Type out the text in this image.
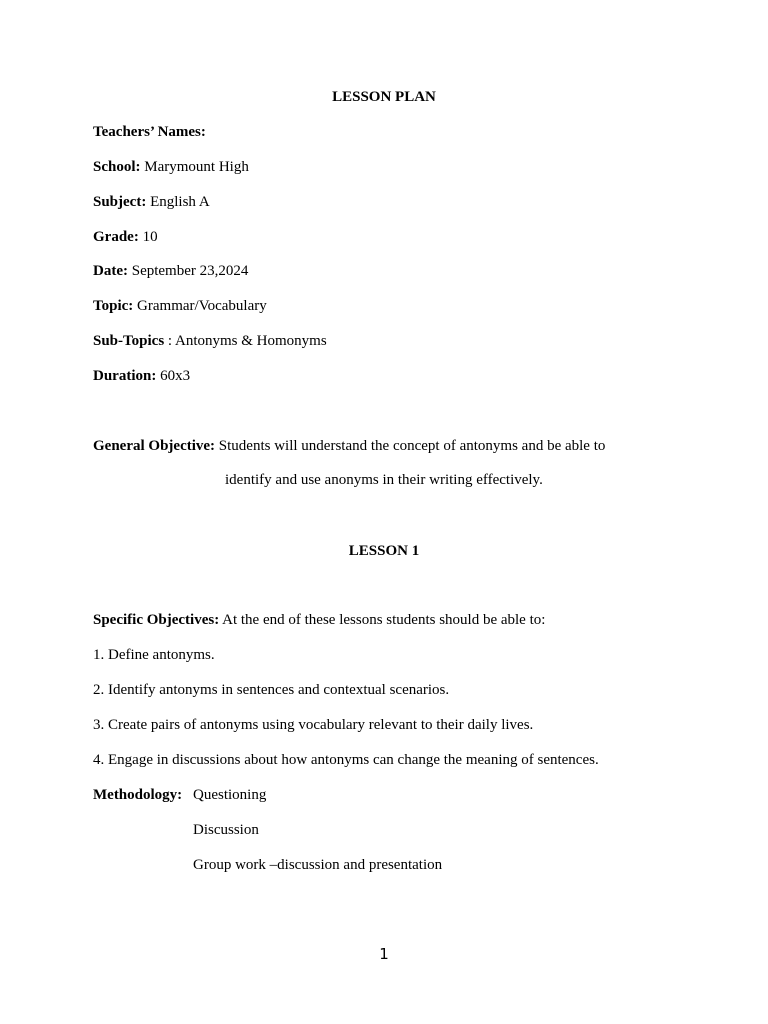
LESSON PLAN
Teachers’ Names:
School: Marymount High
Subject: English A
Grade: 10
Date: September 23,2024
Topic: Grammar/Vocabulary
Sub-Topics : Antonyms & Homonyms
Duration: 60x3
General Objective: Students will understand the concept of antonyms and be able to
identify and use anonyms in their writing effectively.
LESSON 1
Specific Objectives: At the end of these lessons students should be able to:
1. Define antonyms.
2. Identify antonyms in sentences and contextual scenarios.
3. Create pairs of antonyms using vocabulary relevant to their daily lives.
4. Engage in discussions about how antonyms can change the meaning of sentences.
Methodology: Questioning
Discussion
Group work –discussion and presentation
1
